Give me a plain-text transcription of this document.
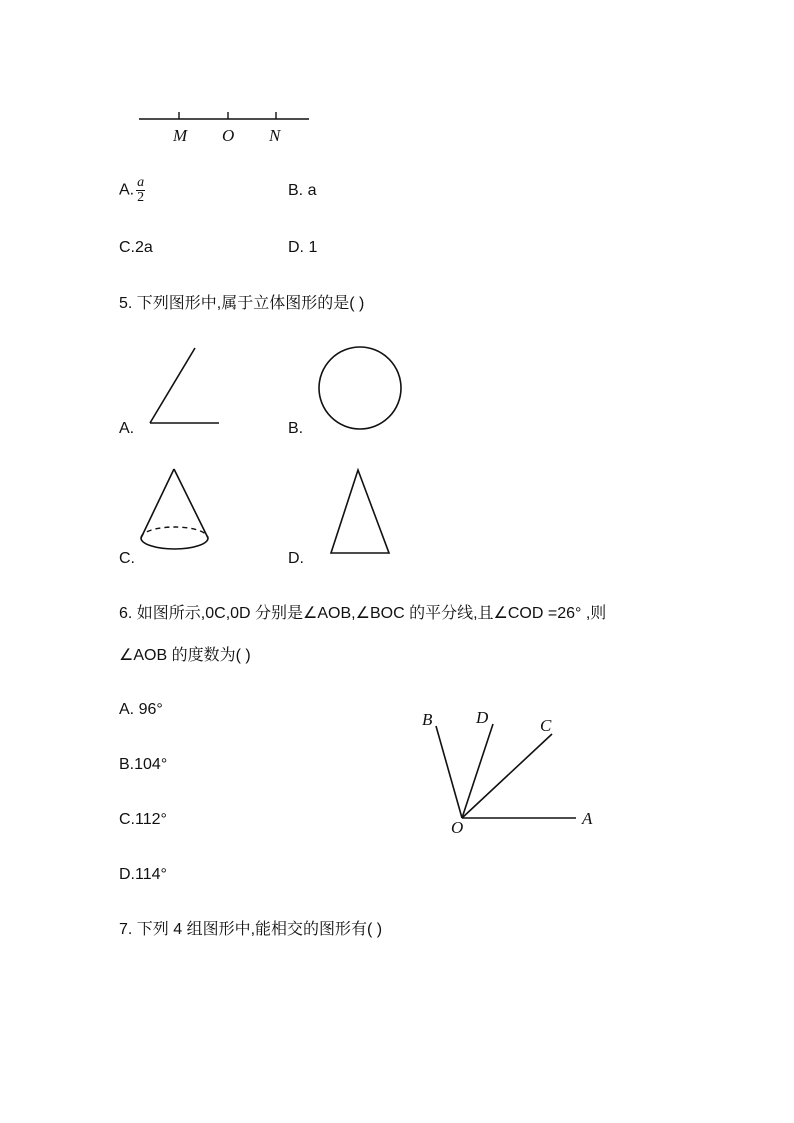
M O N
A. $\frac{a}{2}$	B. a
C.2a	D. 1
5. 下列图形中,属于立体图形的是( )
A.	B.
C.	D.
6. 如图所示,0C,0D 分别是∠AOB,∠BOC 的平分线,且∠COD =26° ,则
∠AOB 的度数为( )
A. 96°
B.104°
C.112°
D.114°
B	D	C
O	A
7. 下列 4 组图形中,能相交的图形有( )
